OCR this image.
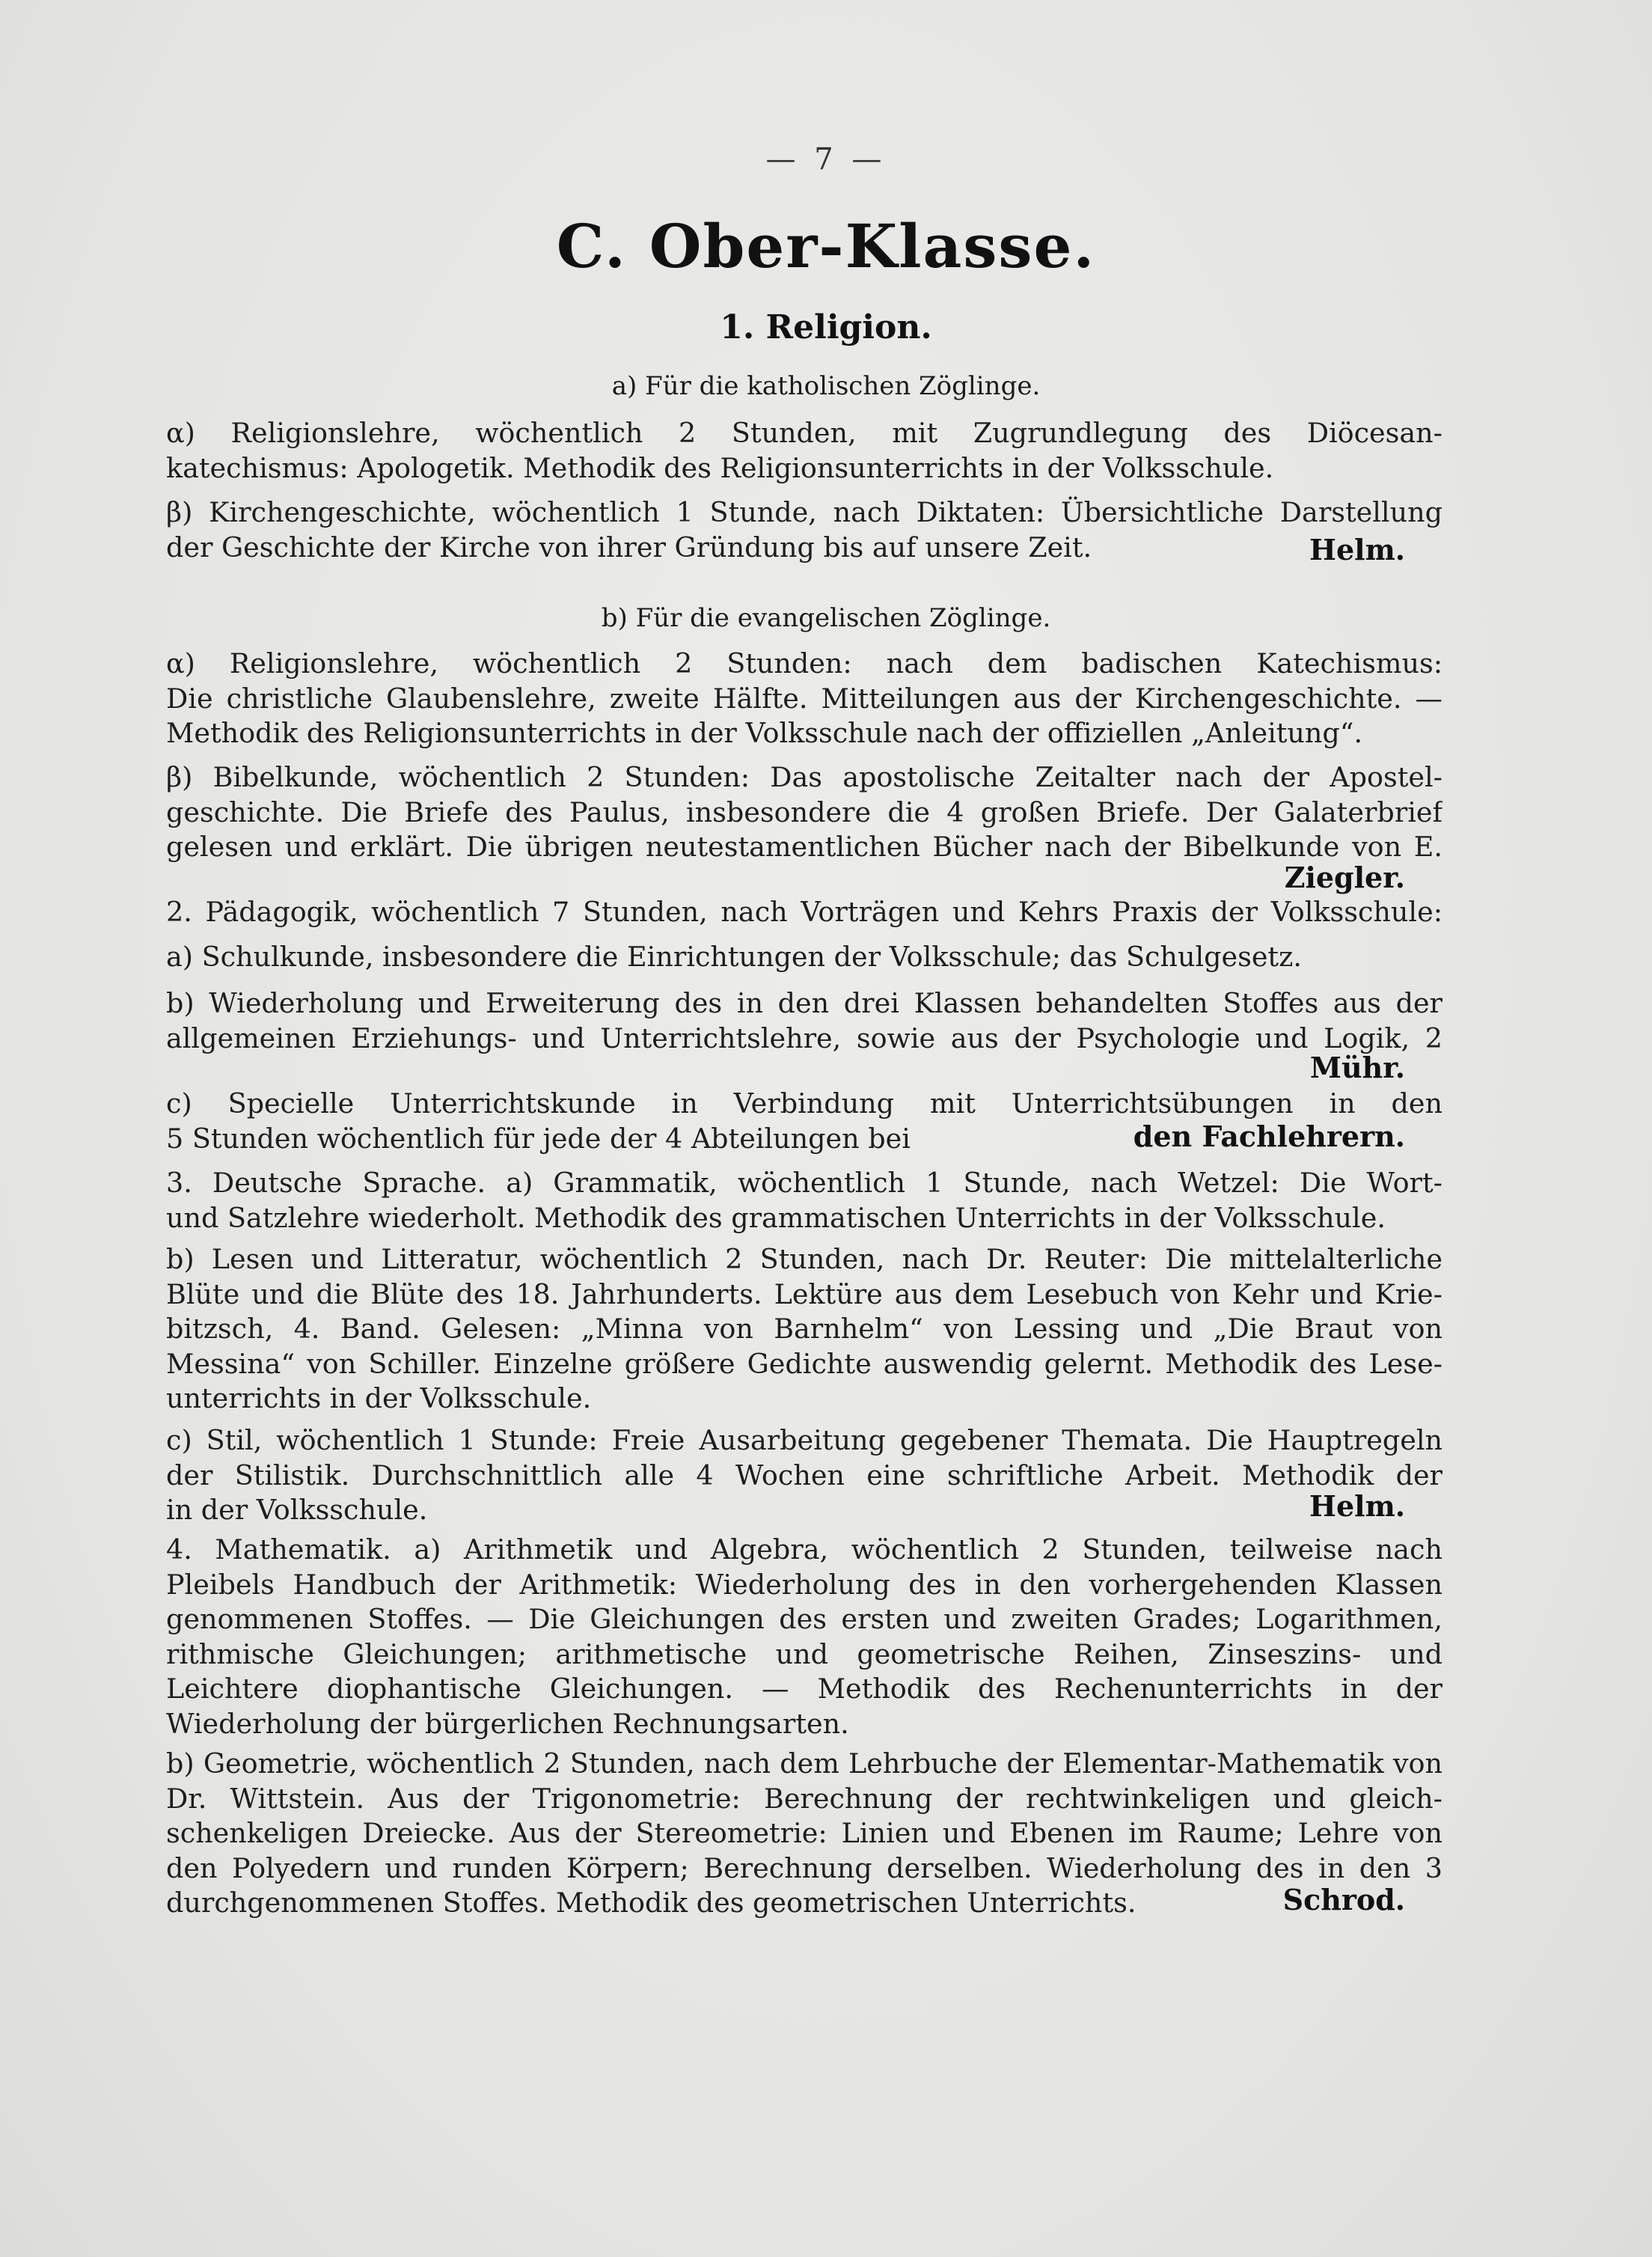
— 7 —
C. Ober-Klasse.
1. Religion.
a) Für die katholischen Zöglinge.
α) Religionslehre, wöchentlich 2 Stunden, mit Zugrundlegung des Diöcesan-
katechismus: Apologetik. Methodik des Religionsunterrichts in der Volksschule.
β) Kirchengeschichte, wöchentlich 1 Stunde, nach Diktaten: Übersichtliche Darstellung
der Geschichte der Kirche von ihrer Gründung bis auf unsere Zeit.	Helm.
b) Für die evangelischen Zöglinge.
α) Religionslehre, wöchentlich 2 Stunden: nach dem badischen Katechismus:
Die christliche Glaubenslehre, zweite Hälfte. Mitteilungen aus der Kirchengeschichte. —
Methodik des Religionsunterrichts in der Volksschule nach der offiziellen „Anleitung“.
β) Bibelkunde, wöchentlich 2 Stunden: Das apostolische Zeitalter nach der Apostel-
geschichte. Die Briefe des Paulus, insbesondere die 4 großen Briefe. Der Galaterbrief
gelesen und erklärt. Die übrigen neutestamentlichen Bücher nach der Bibelkunde von E.
Ziegler.
2. Pädagogik, wöchentlich 7 Stunden, nach Vorträgen und Kehrs Praxis der Volksschule:
a) Schulkunde, insbesondere die Einrichtungen der Volksschule; das Schulgesetz.
b) Wiederholung und Erweiterung des in den drei Klassen behandelten Stoffes aus der
allgemeinen Erziehungs- und Unterrichtslehre, sowie aus der Psychologie und Logik, 2
Mühr.
c) Specielle Unterrichtskunde in Verbindung mit Unterrichtsübungen in den
5 Stunden wöchentlich für jede der 4 Abteilungen bei	den Fachlehrern.
3. Deutsche Sprache. a) Grammatik, wöchentlich 1 Stunde, nach Wetzel: Die Wort-
und Satzlehre wiederholt. Methodik des grammatischen Unterrichts in der Volksschule.
b) Lesen und Litteratur, wöchentlich 2 Stunden, nach Dr. Reuter: Die mittelalterliche
Blüte und die Blüte des 18. Jahrhunderts. Lektüre aus dem Lesebuch von Kehr und Krie-
bitzsch, 4. Band. Gelesen: „Minna von Barnhelm“ von Lessing und „Die Braut von
Messina“ von Schiller. Einzelne größere Gedichte auswendig gelernt. Methodik des Lese-
unterrichts in der Volksschule.
c) Stil, wöchentlich 1 Stunde: Freie Ausarbeitung gegebener Themata. Die Hauptregeln
der Stilistik. Durchschnittlich alle 4 Wochen eine schriftliche Arbeit. Methodik der
in der Volksschule.	Helm.
4. Mathematik. a) Arithmetik und Algebra, wöchentlich 2 Stunden, teilweise nach
Pleibels Handbuch der Arithmetik: Wiederholung des in den vorhergehenden Klassen
genommenen Stoffes. — Die Gleichungen des ersten und zweiten Grades; Logarithmen,
rithmische Gleichungen; arithmetische und geometrische Reihen, Zinseszins- und
Leichtere diophantische Gleichungen. — Methodik des Rechenunterrichts in der
Wiederholung der bürgerlichen Rechnungsarten.
b) Geometrie, wöchentlich 2 Stunden, nach dem Lehrbuche der Elementar-Mathematik von
Dr. Wittstein. Aus der Trigonometrie: Berechnung der rechtwinkeligen und gleich-
schenkeligen Dreiecke. Aus der Stereometrie: Linien und Ebenen im Raume; Lehre von
den Polyedern und runden Körpern; Berechnung derselben. Wiederholung des in den 3
durchgenommenen Stoffes. Methodik des geometrischen Unterrichts.	Schrod.
